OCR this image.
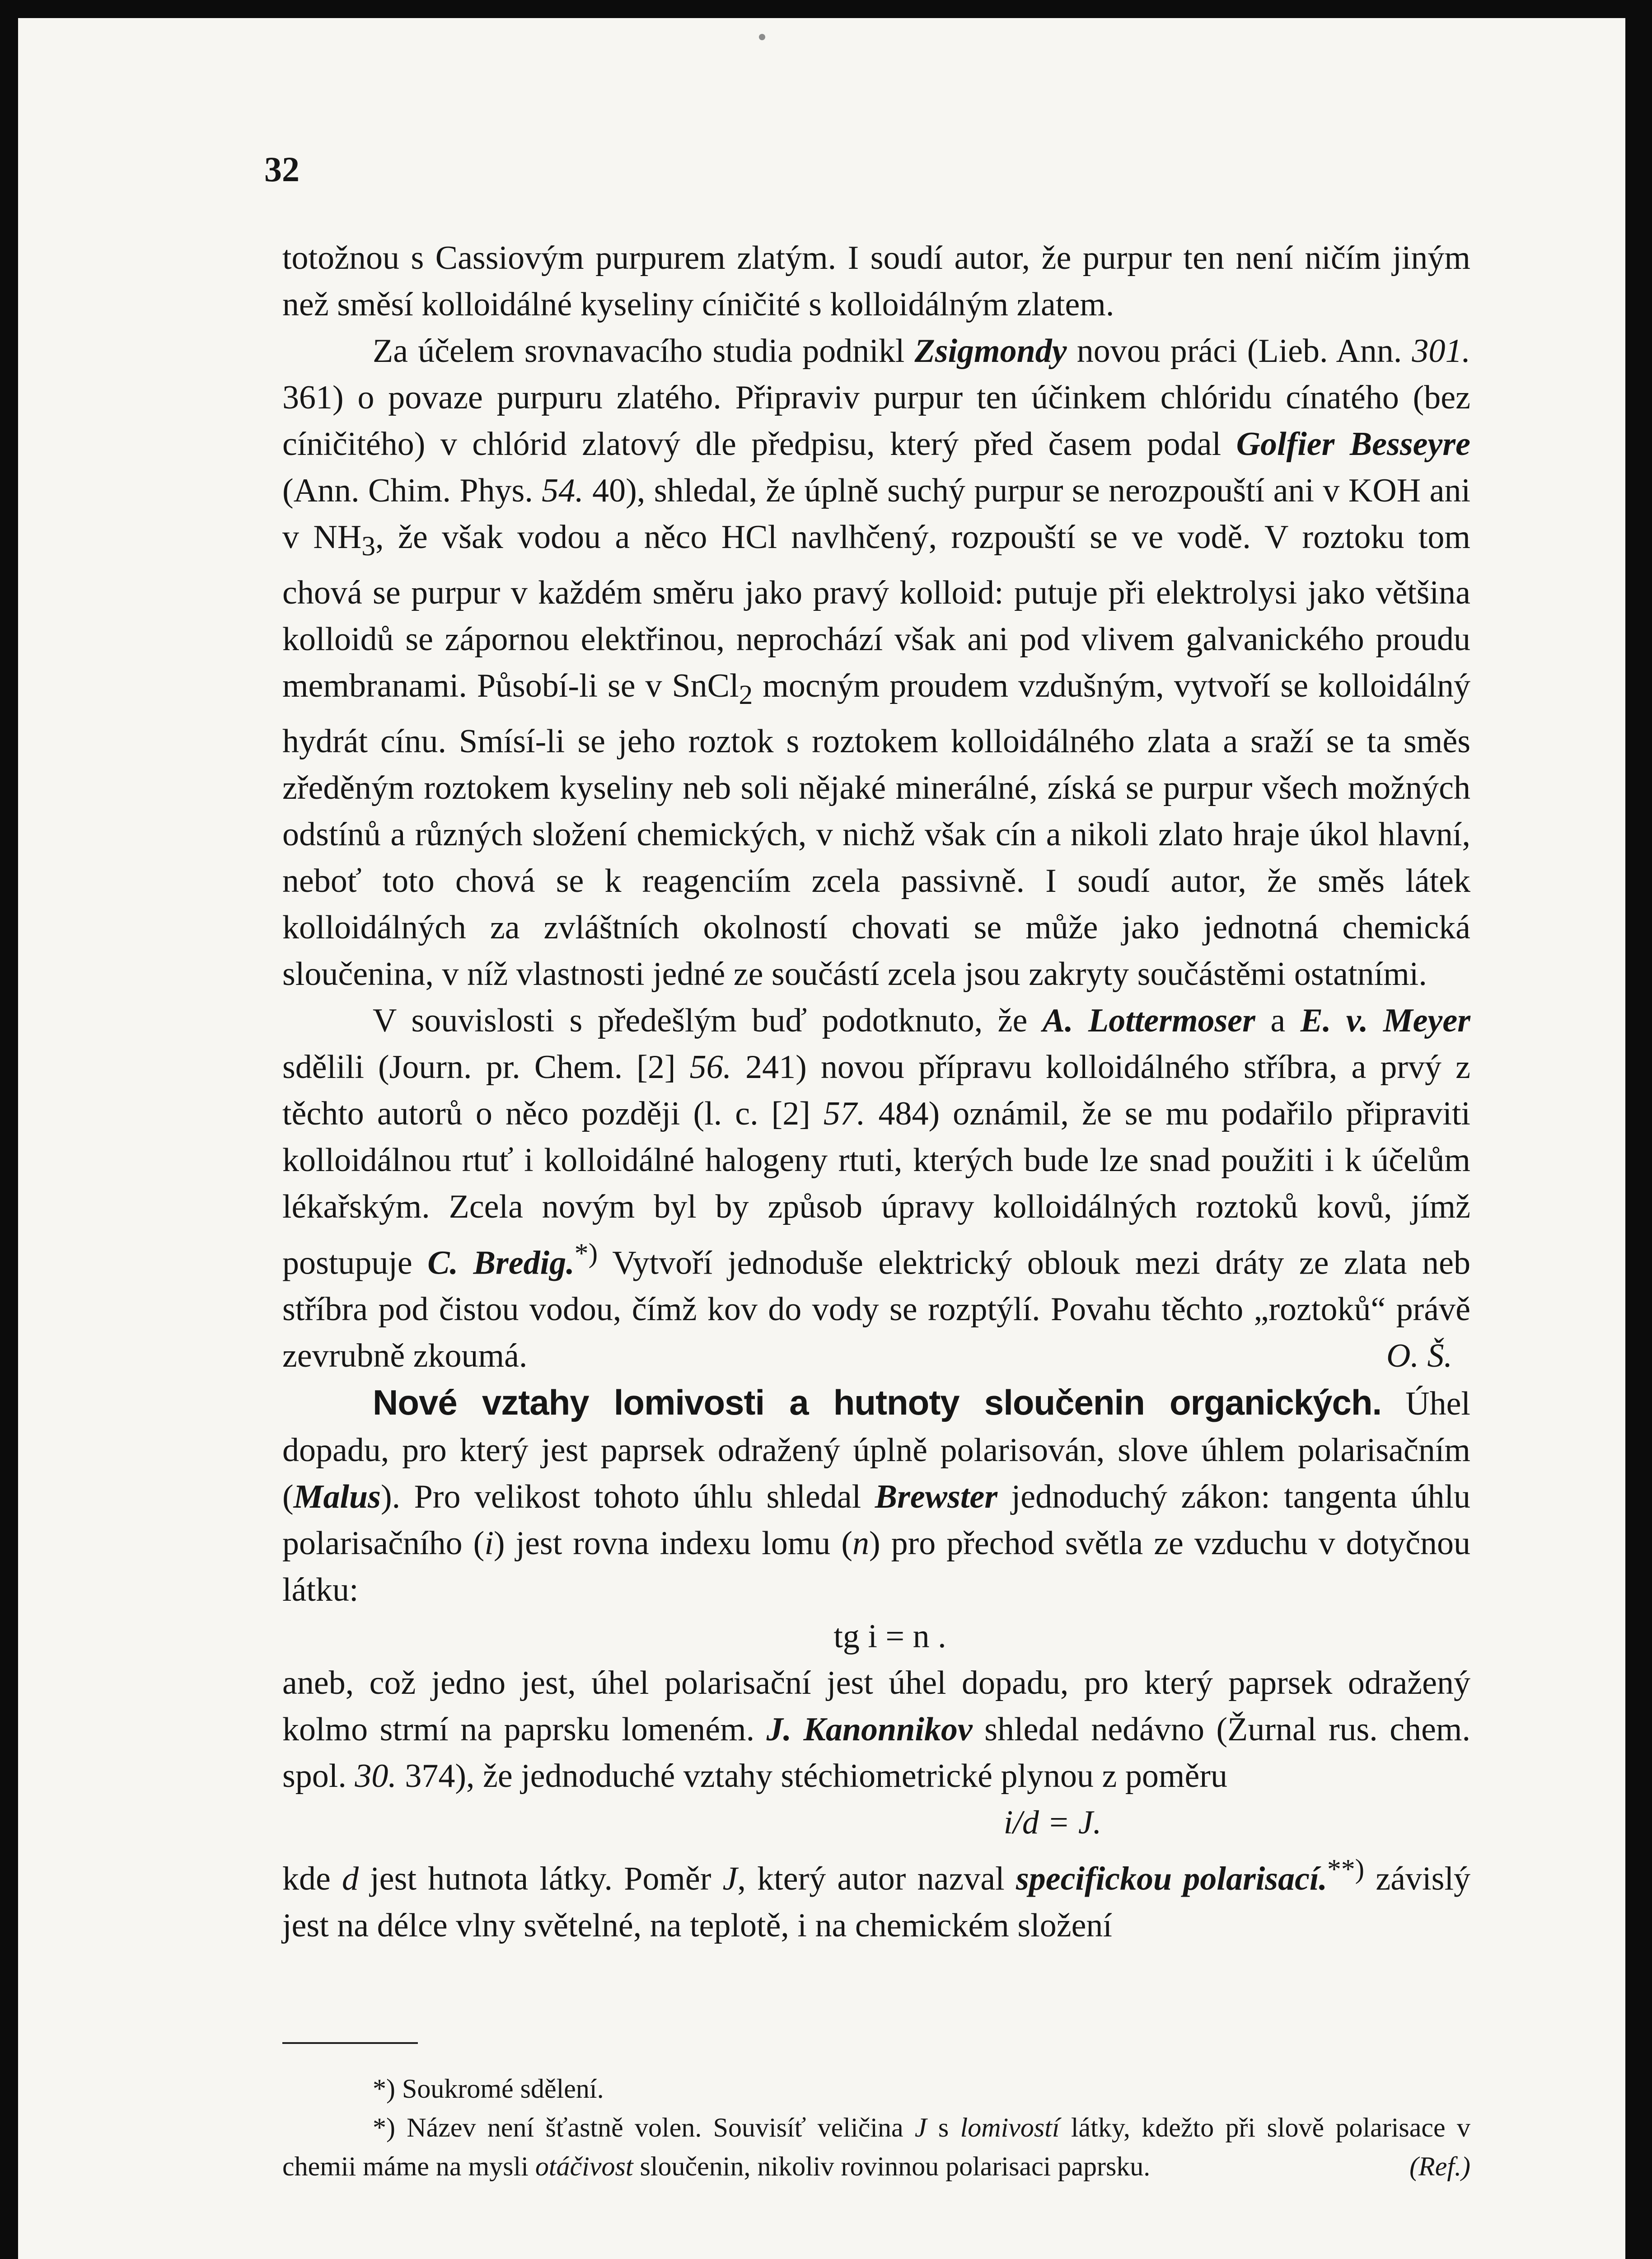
32

totožnou s Cassiovým purpurem zlatým. I soudí autor, že purpur ten není ničím jiným než směsí kolloidálné kyseliny cíničité s kolloidálným zlatem.

Za účelem srovnavacího studia podnikl Zsigmondy novou práci (Lieb. Ann. 301. 361) o povaze purpuru zlatého. Připraviv purpur ten účinkem chlóridu cínatého (bez cíničitého) v chlórid zlatový dle předpisu, který před časem podal Golfier Besseyre (Ann. Chim. Phys. 54. 40), shledal, že úplně suchý purpur se nerozpouští ani v KOH ani v $NH_3$, že však vodou a něco HCl navlhčený, rozpouští se ve vodě. V roztoku tom chová se purpur v každém směru jako pravý kolloid: putuje při elektrolysi jako většina kolloidů se zápornou elektřinou, neprochází však ani pod vlivem galvanického proudu membranami. Působí-li se v SnCl$_2$ mocným proudem vzdušným, vytvoří se kolloidálný hydrát cínu. Smísí-li se jeho roztok s roztokem kolloidálného zlata a sraží se ta směs zředěným roztokem kyseliny neb soli nějaké minerálné, získá se purpur všech možných odstínů a různých složení chemických, v nichž však cín a nikoli zlato hraje úkol hlavní, neboť toto chová se k reagenciím zcela passivně. I soudí autor, že směs látek kolloidálných za zvláštních okolností chovati se může jako jednotná chemická sloučenina, v níž vlastnosti jedné ze součástí zcela jsou zakryty součástěmi ostatními.

V souvislosti s předešlým buď podotknuto, že A. Lottermoser a E. v. Meyer sdělili (Journ. pr. Chem. [2] 56. 241) novou přípravu kolloidálného stříbra, a prvý z těchto autorů o něco později (l. c. [2] 57. 484) oznámil, že se mu podařilo připraviti kolloidálnou rtuť i kolloidálné halogeny rtuti, kterých bude lze snad použiti i k účelům lékařským. Zcela novým byl by způsob úpravy kolloidálných roztoků kovů, jímž postupuje C. Bredig.*) Vytvoří jednoduše elektrický oblouk mezi dráty ze zlata neb stříbra pod čistou vodou, čímž kov do vody se rozptýlí. Povahu těchto „roztoků“ právě zevrubně zkoumá.	O. Š.

Nové vztahy lomivosti a hutnoty sloučenin organických. Úhel dopadu, pro který jest paprsek odražený úplně polarisován, slove úhlem polarisačním (Malus). Pro velikost tohoto úhlu shledal Brewster jednoduchý zákon: tangenta úhlu polarisačního (i) jest rovna indexu lomu (n) pro přechod světla ze vzduchu v dotyčnou látku:

tg i = n .

aneb, což jedno jest, úhel polarisační jest úhel dopadu, pro který paprsek odražený kolmo strmí na paprsku lomeném. J. Kanonnikov shledal nedávno (Žurnal rus. chem. spol. 30. 374), že jednoduché vztahy stéchiometrické plynou z poměru

i/d = J.

kde d jest hutnota látky. Poměr J, který autor nazval specifickou polarisací.**) závislý jest na délce vlny světelné, na teplotě, i na chemickém složení

*) Soukromé sdělení.

*) Název není šťastně volen. Souvisíť veličina J s lomivostí látky, kdežto při slově polarisace v chemii máme na mysli otáčivost sloučenin, nikoliv rovinnou polarisaci paprsku.	(Ref.)
